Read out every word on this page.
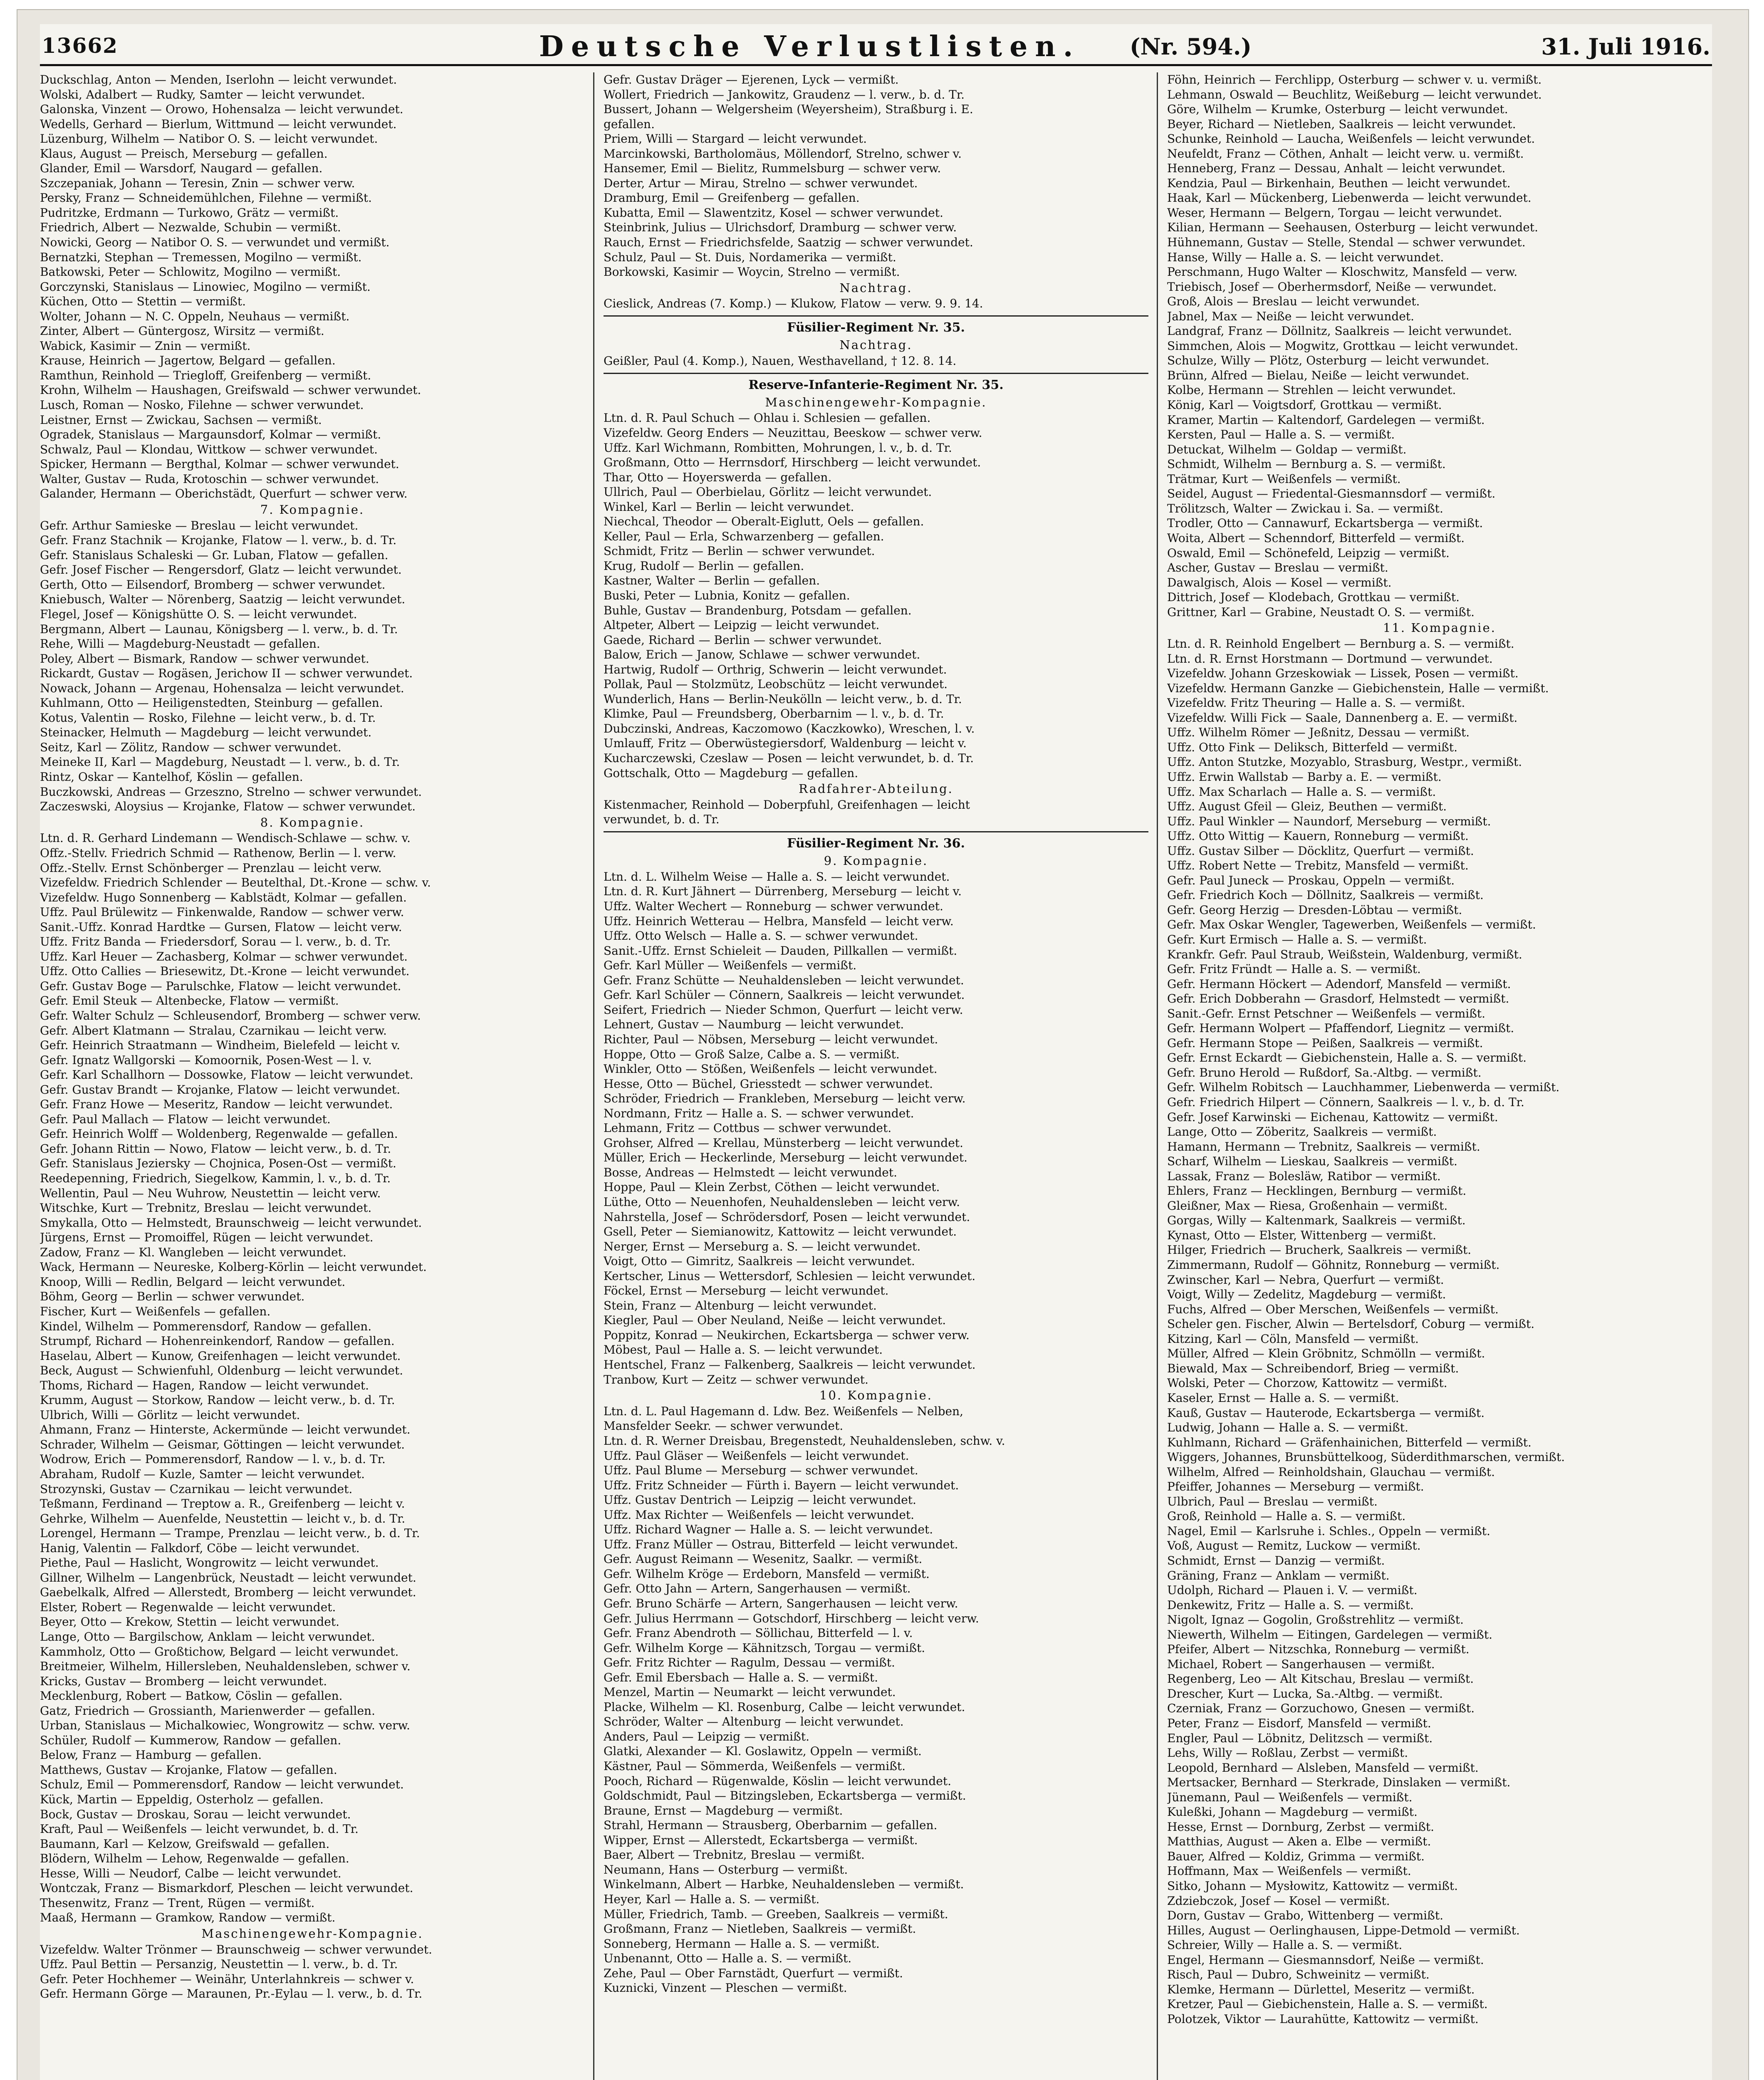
13662	Deutsche Verlustlisten. (Nr. 594.)	31. Juli 1916.
Duckschlag, Anton — Menden, Iserlohn — leicht verwundet.
Wolski, Adalbert — Rudky, Samter — leicht verwundet.
Galonska, Vinzent — Orowo, Hohensalza — leicht verwundet.
Wedells, Gerhard — Bierlum, Wittmund — leicht verwundet.
Lüzenburg, Wilhelm — Natibor O. S. — leicht verwundet.
Klaus, August — Preisch, Merseburg — gefallen.
Glander, Emil — Warsdorf, Naugard — gefallen.
Szczepaniak, Johann — Teresin, Znin — schwer verw.
Persky, Franz — Schneidemühlchen, Filehne — vermißt.
Pudritzke, Erdmann — Turkowo, Grätz — vermißt.
Friedrich, Albert — Nezwalde, Schubin — vermißt.
Nowicki, Georg — Natibor O. S. — verwundet und vermißt.
Bernatzki, Stephan — Tremessen, Mogilno — vermißt.
Batkowski, Peter — Schlowitz, Mogilno — vermißt.
Gorczynski, Stanislaus — Linowiec, Mogilno — vermißt.
Küchen, Otto — Stettin — vermißt.
Wolter, Johann — N. C. Oppeln, Neuhaus — vermißt.
Zinter, Albert — Güntergosz, Wirsitz — vermißt.
Wabick, Kasimir — Znin — vermißt.
Krause, Heinrich — Jagertow, Belgard — gefallen.
Ramthun, Reinhold — Triegloff, Greifenberg — vermißt.
Krohn, Wilhelm — Haushagen, Greifswald — schwer verwundet.
Lusch, Roman — Nosko, Filehne — schwer verwundet.
Leistner, Ernst — Zwickau, Sachsen — vermißt.
Ogradek, Stanislaus — Margaunsdorf, Kolmar — vermißt.
Schwalz, Paul — Klondau, Wittkow — schwer verwundet.
Spicker, Hermann — Bergthal, Kolmar — schwer verwundet.
Walter, Gustav — Ruda, Krotoschin — schwer verwundet.
Galander, Hermann — Oberichstädt, Querfurt — schwer verw.
7. Kompagnie.
Gefr. Arthur Samieske — Breslau — leicht verwundet.
Gefr. Franz Stachnik — Krojanke, Flatow — l. verw., b. d. Tr.
Gefr. Stanislaus Schaleski — Gr. Luban, Flatow — gefallen.
Gefr. Josef Fischer — Rengersdorf, Glatz — leicht verwundet.
Gerth, Otto — Eilsendorf, Bromberg — schwer verwundet.
Kniebusch, Walter — Nörenberg, Saatzig — leicht verwundet.
Flegel, Josef — Königshütte O. S. — leicht verwundet.
Bergmann, Albert — Launau, Königsberg — l. verw., b. d. Tr.
Rehe, Willi — Magdeburg-Neustadt — gefallen.
Poley, Albert — Bismark, Randow — schwer verwundet.
Rickardt, Gustav — Rogäsen, Jerichow II — schwer verwundet.
Nowack, Johann — Argenau, Hohensalza — leicht verwundet.
Kuhlmann, Otto — Heiligenstedten, Steinburg — gefallen.
Kotus, Valentin — Rosko, Filehne — leicht verw., b. d. Tr.
Steinacker, Helmuth — Magdeburg — leicht verwundet.
Seitz, Karl — Zölitz, Randow — schwer verwundet.
Meineke II, Karl — Magdeburg, Neustadt — l. verw., b. d. Tr.
Rintz, Oskar — Kantelhof, Köslin — gefallen.
Buczkowski, Andreas — Grzeszno, Strelno — schwer verwundet.
Zaczeswski, Aloysius — Krojanke, Flatow — schwer verwundet.
8. Kompagnie.
Ltn. d. R. Gerhard Lindemann — Wendisch-Schlawe — schw. v.
Offz.-Stellv. Friedrich Schmid — Rathenow, Berlin — l. verw.
Offz.-Stellv. Ernst Schönberger — Prenzlau — leicht verw.
Vizefeldw. Friedrich Schlender — Beutelthal, Dt.-Krone — schw. v.
Vizefeldw. Hugo Sonnenberg — Kablstädt, Kolmar — gefallen.
Uffz. Paul Brülewitz — Finkenwalde, Randow — schwer verw.
Sanit.-Uffz. Konrad Hardtke — Gursen, Flatow — leicht verw.
Uffz. Fritz Banda — Friedersdorf, Sorau — l. verw., b. d. Tr.
Uffz. Karl Heuer — Zachasberg, Kolmar — schwer verwundet.
Uffz. Otto Callies — Briesewitz, Dt.-Krone — leicht verwundet.
Gefr. Gustav Boge — Parulschke, Flatow — leicht verwundet.
Gefr. Emil Steuk — Altenbecke, Flatow — vermißt.
Gefr. Walter Schulz — Schleusendorf, Bromberg — schwer verw.
Gefr. Albert Klatmann — Stralau, Czarnikau — leicht verw.
Gefr. Heinrich Straatmann — Windheim, Bielefeld — leicht v.
Gefr. Ignatz Wallgorski — Komoornik, Posen-West — l. v.
Gefr. Karl Schallhorn — Dossowke, Flatow — leicht verwundet.
Gefr. Gustav Brandt — Krojanke, Flatow — leicht verwundet.
Gefr. Franz Howe — Meseritz, Randow — leicht verwundet.
Gefr. Paul Mallach — Flatow — leicht verwundet.
Gefr. Heinrich Wolff — Woldenberg, Regenwalde — gefallen.
Gefr. Johann Rittin — Nowo, Flatow — leicht verw., b. d. Tr.
Gefr. Stanislaus Jeziersky — Chojnica, Posen-Ost — vermißt.
Reedepenning, Friedrich, Siegelkow, Kammin, l. v., b. d. Tr.
Wellentin, Paul — Neu Wuhrow, Neustettin — leicht verw.
Witschke, Kurt — Trebnitz, Breslau — leicht verwundet.
Smykalla, Otto — Helmstedt, Braunschweig — leicht verwundet.
Jürgens, Ernst — Promoiffel, Rügen — leicht verwundet.
Zadow, Franz — Kl. Wangleben — leicht verwundet.
Wack, Hermann — Neureske, Kolberg-Körlin — leicht verwundet.
Knoop, Willi — Redlin, Belgard — leicht verwundet.
Böhm, Georg — Berlin — schwer verwundet.
Fischer, Kurt — Weißenfels — gefallen.
Kindel, Wilhelm — Pommerensdorf, Randow — gefallen.
Strumpf, Richard — Hohenreinkendorf, Randow — gefallen.
Haselau, Albert — Kunow, Greifenhagen — leicht verwundet.
Beck, August — Schwienfuhl, Oldenburg — leicht verwundet.
Thoms, Richard — Hagen, Randow — leicht verwundet.
Krumm, August — Storkow, Randow — leicht verw., b. d. Tr.
Ulbrich, Willi — Görlitz — leicht verwundet.
Ahmann, Franz — Hinterste, Ackermünde — leicht verwundet.
Schrader, Wilhelm — Geismar, Göttingen — leicht verwundet.
Wodrow, Erich — Pommerensdorf, Randow — l. v., b. d. Tr.
Abraham, Rudolf — Kuzle, Samter — leicht verwundet.
Strozynski, Gustav — Czarnikau — leicht verwundet.
Teßmann, Ferdinand — Treptow a. R., Greifenberg — leicht v.
Gehrke, Wilhelm — Auenfelde, Neustettin — leicht v., b. d. Tr.
Lorengel, Hermann — Trampe, Prenzlau — leicht verw., b. d. Tr.
Hanig, Valentin — Falkdorf, Cöbe — leicht verwundet.
Piethe, Paul — Haslicht, Wongrowitz — leicht verwundet.
Gillner, Wilhelm — Langenbrück, Neustadt — leicht verwundet.
Gaebelkalk, Alfred — Allerstedt, Bromberg — leicht verwundet.
Elster, Robert — Regenwalde — leicht verwundet.
Beyer, Otto — Krekow, Stettin — leicht verwundet.
Lange, Otto — Bargilschow, Anklam — leicht verwundet.
Kammholz, Otto — Großtichow, Belgard — leicht verwundet.
Breitmeier, Wilhelm, Hillersleben, Neuhaldensleben, schwer v.
Kricks, Gustav — Bromberg — leicht verwundet.
Mecklenburg, Robert — Batkow, Cöslin — gefallen.
Gatz, Friedrich — Grossianth, Marienwerder — gefallen.
Urban, Stanislaus — Michalkowiec, Wongrowitz — schw. verw.
Schüler, Rudolf — Kummerow, Randow — gefallen.
Below, Franz — Hamburg — gefallen.
Matthews, Gustav — Krojanke, Flatow — gefallen.
Schulz, Emil — Pommerensdorf, Randow — leicht verwundet.
Kück, Martin — Eppeldig, Osterholz — gefallen.
Bock, Gustav — Droskau, Sorau — leicht verwundet.
Kraft, Paul — Weißenfels — leicht verwundet, b. d. Tr.
Baumann, Karl — Kelzow, Greifswald — gefallen.
Blödern, Wilhelm — Lehow, Regenwalde — gefallen.
Hesse, Willi — Neudorf, Calbe — leicht verwundet.
Wontczak, Franz — Bismarkdorf, Pleschen — leicht verwundet.
Thesenwitz, Franz — Trent, Rügen — vermißt.
Maaß, Hermann — Gramkow, Randow — vermißt.
Maschinengewehr-Kompagnie.
Vizefeldw. Walter Trönmer — Braunschweig — schwer verwundet.
Uffz. Paul Bettin — Persanzig, Neustettin — l. verw., b. d. Tr.
Gefr. Peter Hochhemer — Weinähr, Unterlahnkreis — schwer v.
Gefr. Hermann Görge — Maraunen, Pr.-Eylau — l. verw., b. d. Tr.
Gefr. Gustav Dräger — Ejerenen, Lyck — vermißt.
Wollert, Friedrich — Jankowitz, Graudenz — l. verw., b. d. Tr.
Bussert, Johann — Welgersheim (Weyersheim), Straßburg i. E.
gefallen.
Priem, Willi — Stargard — leicht verwundet.
Marcinkowski, Bartholomäus, Möllendorf, Strelno, schwer v.
Hansemer, Emil — Bielitz, Rummelsburg — schwer verw.
Derter, Artur — Mirau, Strelno — schwer verwundet.
Dramburg, Emil — Greifenberg — gefallen.
Kubatta, Emil — Slawentzitz, Kosel — schwer verwundet.
Steinbrink, Julius — Ulrichsdorf, Dramburg — schwer verw.
Rauch, Ernst — Friedrichsfelde, Saatzig — schwer verwundet.
Schulz, Paul — St. Duis, Nordamerika — vermißt.
Borkowski, Kasimir — Woycin, Strelno — vermißt.
Nachtrag.
Cieslick, Andreas (7. Komp.) — Klukow, Flatow — verw. 9. 9. 14.
Füsilier-Regiment Nr. 35.
Nachtrag.
Geißler, Paul (4. Komp.), Nauen, Westhavelland, † 12. 8. 14.
Reserve-Infanterie-Regiment Nr. 35.
Maschinengewehr-Kompagnie.
Ltn. d. R. Paul Schuch — Ohlau i. Schlesien — gefallen.
Vizefeldw. Georg Enders — Neuzittau, Beeskow — schwer verw.
Uffz. Karl Wichmann, Rombitten, Mohrungen, l. v., b. d. Tr.
Großmann, Otto — Herrnsdorf, Hirschberg — leicht verwundet.
Thar, Otto — Hoyerswerda — gefallen.
Ullrich, Paul — Oberbielau, Görlitz — leicht verwundet.
Winkel, Karl — Berlin — leicht verwundet.
Niechcal, Theodor — Oberalt-Eiglutt, Oels — gefallen.
Keller, Paul — Erla, Schwarzenberg — gefallen.
Schmidt, Fritz — Berlin — schwer verwundet.
Krug, Rudolf — Berlin — gefallen.
Kastner, Walter — Berlin — gefallen.
Buski, Peter — Lubnia, Konitz — gefallen.
Buhle, Gustav — Brandenburg, Potsdam — gefallen.
Altpeter, Albert — Leipzig — leicht verwundet.
Gaede, Richard — Berlin — schwer verwundet.
Balow, Erich — Janow, Schlawe — schwer verwundet.
Hartwig, Rudolf — Orthrig, Schwerin — leicht verwundet.
Pollak, Paul — Stolzmütz, Leobschütz — leicht verwundet.
Wunderlich, Hans — Berlin-Neukölln — leicht verw., b. d. Tr.
Klimke, Paul — Freundsberg, Oberbarnim — l. v., b. d. Tr.
Dubczinski, Andreas, Kaczomowo (Kaczkowko), Wreschen, l. v.
Umlauff, Fritz — Oberwüstegiersdorf, Waldenburg — leicht v.
Kucharczewski, Czeslaw — Posen — leicht verwundet, b. d. Tr.
Gottschalk, Otto — Magdeburg — gefallen.
Radfahrer-Abteilung.
Kistenmacher, Reinhold — Doberpfuhl, Greifenhagen — leicht
verwundet, b. d. Tr.
Füsilier-Regiment Nr. 36.
9. Kompagnie.
Ltn. d. L. Wilhelm Weise — Halle a. S. — leicht verwundet.
Ltn. d. R. Kurt Jähnert — Dürrenberg, Merseburg — leicht v.
Uffz. Walter Wechert — Ronneburg — schwer verwundet.
Uffz. Heinrich Wetterau — Helbra, Mansfeld — leicht verw.
Uffz. Otto Welsch — Halle a. S. — schwer verwundet.
Sanit.-Uffz. Ernst Schieleit — Dauden, Pillkallen — vermißt.
Gefr. Karl Müller — Weißenfels — vermißt.
Gefr. Franz Schütte — Neuhaldensleben — leicht verwundet.
Gefr. Karl Schüler — Cönnern, Saalkreis — leicht verwundet.
Seifert, Friedrich — Nieder Schmon, Querfurt — leicht verw.
Lehnert, Gustav — Naumburg — leicht verwundet.
Richter, Paul — Nöbsen, Merseburg — leicht verwundet.
Hoppe, Otto — Groß Salze, Calbe a. S. — vermißt.
Winkler, Otto — Stößen, Weißenfels — leicht verwundet.
Hesse, Otto — Büchel, Griesstedt — schwer verwundet.
Schröder, Friedrich — Frankleben, Merseburg — leicht verw.
Nordmann, Fritz — Halle a. S. — schwer verwundet.
Lehmann, Fritz — Cottbus — schwer verwundet.
Grohser, Alfred — Krellau, Münsterberg — leicht verwundet.
Müller, Erich — Heckerlinde, Merseburg — leicht verwundet.
Bosse, Andreas — Helmstedt — leicht verwundet.
Hoppe, Paul — Klein Zerbst, Cöthen — leicht verwundet.
Lüthe, Otto — Neuenhofen, Neuhaldensleben — leicht verw.
Nahrstella, Josef — Schrödersdorf, Posen — leicht verwundet.
Gsell, Peter — Siemianowitz, Kattowitz — leicht verwundet.
Nerger, Ernst — Merseburg a. S. — leicht verwundet.
Voigt, Otto — Gimritz, Saalkreis — leicht verwundet.
Kertscher, Linus — Wettersdorf, Schlesien — leicht verwundet.
Föckel, Ernst — Merseburg — leicht verwundet.
Stein, Franz — Altenburg — leicht verwundet.
Kiegler, Paul — Ober Neuland, Neiße — leicht verwundet.
Poppitz, Konrad — Neukirchen, Eckartsberga — schwer verw.
Möbest, Paul — Halle a. S. — leicht verwundet.
Hentschel, Franz — Falkenberg, Saalkreis — leicht verwundet.
Tranbow, Kurt — Zeitz — schwer verwundet.
10. Kompagnie.
Ltn. d. L. Paul Hagemann d. Ldw. Bez. Weißenfels — Nelben,
Mansfelder Seekr. — schwer verwundet.
Ltn. d. R. Werner Dreisbau, Bregenstedt, Neuhaldensleben, schw. v.
Uffz. Paul Gläser — Weißenfels — leicht verwundet.
Uffz. Paul Blume — Merseburg — schwer verwundet.
Uffz. Fritz Schneider — Fürth i. Bayern — leicht verwundet.
Uffz. Gustav Dentrich — Leipzig — leicht verwundet.
Uffz. Max Richter — Weißenfels — leicht verwundet.
Uffz. Richard Wagner — Halle a. S. — leicht verwundet.
Uffz. Franz Müller — Ostrau, Bitterfeld — leicht verwundet.
Gefr. August Reimann — Wesenitz, Saalkr. — vermißt.
Gefr. Wilhelm Kröge — Erdeborn, Mansfeld — vermißt.
Gefr. Otto Jahn — Artern, Sangerhausen — vermißt.
Gefr. Bruno Schärfe — Artern, Sangerhausen — leicht verw.
Gefr. Julius Herrmann — Gotschdorf, Hirschberg — leicht verw.
Gefr. Franz Abendroth — Söllichau, Bitterfeld — l. v.
Gefr. Wilhelm Korge — Kähnitzsch, Torgau — vermißt.
Gefr. Fritz Richter — Ragulm, Dessau — vermißt.
Gefr. Emil Ebersbach — Halle a. S. — vermißt.
Menzel, Martin — Neumarkt — leicht verwundet.
Placke, Wilhelm — Kl. Rosenburg, Calbe — leicht verwundet.
Schröder, Walter — Altenburg — leicht verwundet.
Anders, Paul — Leipzig — vermißt.
Glatki, Alexander — Kl. Goslawitz, Oppeln — vermißt.
Kästner, Paul — Sömmerda, Weißenfels — vermißt.
Pooch, Richard — Rügenwalde, Köslin — leicht verwundet.
Goldschmidt, Paul — Bitzingsleben, Eckartsberga — vermißt.
Braune, Ernst — Magdeburg — vermißt.
Strahl, Hermann — Strausberg, Oberbarnim — gefallen.
Wipper, Ernst — Allerstedt, Eckartsberga — vermißt.
Baer, Albert — Trebnitz, Breslau — vermißt.
Neumann, Hans — Osterburg — vermißt.
Winkelmann, Albert — Harbke, Neuhaldensleben — vermißt.
Heyer, Karl — Halle a. S. — vermißt.
Müller, Friedrich, Tamb. — Greeben, Saalkreis — vermißt.
Großmann, Franz — Nietleben, Saalkreis — vermißt.
Sonneberg, Hermann — Halle a. S. — vermißt.
Unbenannt, Otto — Halle a. S. — vermißt.
Zehe, Paul — Ober Farnstädt, Querfurt — vermißt.
Kuznicki, Vinzent — Pleschen — vermißt.
Föhn, Heinrich — Ferchlipp, Osterburg — schwer v. u. vermißt.
Lehmann, Oswald — Beuchlitz, Weißeburg — leicht verwundet.
Göre, Wilhelm — Krumke, Osterburg — leicht verwundet.
Beyer, Richard — Nietleben, Saalkreis — leicht verwundet.
Schunke, Reinhold — Laucha, Weißenfels — leicht verwundet.
Neufeldt, Franz — Cöthen, Anhalt — leicht verw. u. vermißt.
Henneberg, Franz — Dessau, Anhalt — leicht verwundet.
Kendzia, Paul — Birkenhain, Beuthen — leicht verwundet.
Haak, Karl — Mückenberg, Liebenwerda — leicht verwundet.
Weser, Hermann — Belgern, Torgau — leicht verwundet.
Kilian, Hermann — Seehausen, Osterburg — leicht verwundet.
Hühnemann, Gustav — Stelle, Stendal — schwer verwundet.
Hanse, Willy — Halle a. S. — leicht verwundet.
Perschmann, Hugo Walter — Kloschwitz, Mansfeld — verw.
Triebisch, Josef — Oberhermsdorf, Neiße — verwundet.
Groß, Alois — Breslau — leicht verwundet.
Jabnel, Max — Neiße — leicht verwundet.
Landgraf, Franz — Döllnitz, Saalkreis — leicht verwundet.
Simmchen, Alois — Mogwitz, Grottkau — leicht verwundet.
Schulze, Willy — Plötz, Osterburg — leicht verwundet.
Brünn, Alfred — Bielau, Neiße — leicht verwundet.
Kolbe, Hermann — Strehlen — leicht verwundet.
König, Karl — Voigtsdorf, Grottkau — vermißt.
Kramer, Martin — Kaltendorf, Gardelegen — vermißt.
Kersten, Paul — Halle a. S. — vermißt.
Detuckat, Wilhelm — Goldap — vermißt.
Schmidt, Wilhelm — Bernburg a. S. — vermißt.
Trätmar, Kurt — Weißenfels — vermißt.
Seidel, August — Friedental-Giesmannsdorf — vermißt.
Trölitzsch, Walter — Zwickau i. Sa. — vermißt.
Trodler, Otto — Cannawurf, Eckartsberga — vermißt.
Woita, Albert — Schenndorf, Bitterfeld — vermißt.
Oswald, Emil — Schönefeld, Leipzig — vermißt.
Ascher, Gustav — Breslau — vermißt.
Dawalgisch, Alois — Kosel — vermißt.
Dittrich, Josef — Klodebach, Grottkau — vermißt.
Grittner, Karl — Grabine, Neustadt O. S. — vermißt.
11. Kompagnie.
Ltn. d. R. Reinhold Engelbert — Bernburg a. S. — vermißt.
Ltn. d. R. Ernst Horstmann — Dortmund — verwundet.
Vizefeldw. Johann Grzeskowiak — Lissek, Posen — vermißt.
Vizefeldw. Hermann Ganzke — Giebichenstein, Halle — vermißt.
Vizefeldw. Fritz Theuring — Halle a. S. — vermißt.
Vizefeldw. Willi Fick — Saale, Dannenberg a. E. — vermißt.
Uffz. Wilhelm Römer — Jeßnitz, Dessau — vermißt.
Uffz. Otto Fink — Deliksch, Bitterfeld — vermißt.
Uffz. Anton Stutzke, Mozyablo, Strasburg, Westpr., vermißt.
Uffz. Erwin Wallstab — Barby a. E. — vermißt.
Uffz. Max Scharlach — Halle a. S. — vermißt.
Uffz. August Gfeil — Gleiz, Beuthen — vermißt.
Uffz. Paul Winkler — Naundorf, Merseburg — vermißt.
Uffz. Otto Wittig — Kauern, Ronneburg — vermißt.
Uffz. Gustav Silber — Döcklitz, Querfurt — vermißt.
Uffz. Robert Nette — Trebitz, Mansfeld — vermißt.
Gefr. Paul Juneck — Proskau, Oppeln — vermißt.
Gefr. Friedrich Koch — Döllnitz, Saalkreis — vermißt.
Gefr. Georg Herzig — Dresden-Löbtau — vermißt.
Gefr. Max Oskar Wengler, Tagewerben, Weißenfels — vermißt.
Gefr. Kurt Ermisch — Halle a. S. — vermißt.
Krankfr. Gefr. Paul Straub, Weißstein, Waldenburg, vermißt.
Gefr. Fritz Fründt — Halle a. S. — vermißt.
Gefr. Hermann Höckert — Adendorf, Mansfeld — vermißt.
Gefr. Erich Dobberahn — Grasdorf, Helmstedt — vermißt.
Sanit.-Gefr. Ernst Petschner — Weißenfels — vermißt.
Gefr. Hermann Wolpert — Pfaffendorf, Liegnitz — vermißt.
Gefr. Hermann Stope — Peißen, Saalkreis — vermißt.
Gefr. Ernst Eckardt — Giebichenstein, Halle a. S. — vermißt.
Gefr. Bruno Herold — Rußdorf, Sa.-Altbg. — vermißt.
Gefr. Wilhelm Robitsch — Lauchhammer, Liebenwerda — vermißt.
Gefr. Friedrich Hilpert — Cönnern, Saalkreis — l. v., b. d. Tr.
Gefr. Josef Karwinski — Eichenau, Kattowitz — vermißt.
Lange, Otto — Zöberitz, Saalkreis — vermißt.
Hamann, Hermann — Trebnitz, Saalkreis — vermißt.
Scharf, Wilhelm — Lieskau, Saalkreis — vermißt.
Lassak, Franz — Bolesläw, Ratibor — vermißt.
Ehlers, Franz — Hecklingen, Bernburg — vermißt.
Gleißner, Max — Riesa, Großenhain — vermißt.
Gorgas, Willy — Kaltenmark, Saalkreis — vermißt.
Kynast, Otto — Elster, Wittenberg — vermißt.
Hilger, Friedrich — Brucherk, Saalkreis — vermißt.
Zimmermann, Rudolf — Göhnitz, Ronneburg — vermißt.
Zwinscher, Karl — Nebra, Querfurt — vermißt.
Voigt, Willy — Zedelitz, Magdeburg — vermißt.
Fuchs, Alfred — Ober Merschen, Weißenfels — vermißt.
Scheler gen. Fischer, Alwin — Bertelsdorf, Coburg — vermißt.
Kitzing, Karl — Cöln, Mansfeld — vermißt.
Müller, Alfred — Klein Gröbnitz, Schmölln — vermißt.
Biewald, Max — Schreibendorf, Brieg — vermißt.
Wolski, Peter — Chorzow, Kattowitz — vermißt.
Kaseler, Ernst — Halle a. S. — vermißt.
Kauß, Gustav — Hauterode, Eckartsberga — vermißt.
Ludwig, Johann — Halle a. S. — vermißt.
Kuhlmann, Richard — Gräfenhainichen, Bitterfeld — vermißt.
Wiggers, Johannes, Brunsbüttelkoog, Süderdithmarschen, vermißt.
Wilhelm, Alfred — Reinholdshain, Glauchau — vermißt.
Pfeiffer, Johannes — Merseburg — vermißt.
Ulbrich, Paul — Breslau — vermißt.
Groß, Reinhold — Halle a. S. — vermißt.
Nagel, Emil — Karlsruhe i. Schles., Oppeln — vermißt.
Voß, August — Remitz, Luckow — vermißt.
Schmidt, Ernst — Danzig — vermißt.
Gräning, Franz — Anklam — vermißt.
Udolph, Richard — Plauen i. V. — vermißt.
Denkewitz, Fritz — Halle a. S. — vermißt.
Nigolt, Ignaz — Gogolin, Großstrehlitz — vermißt.
Niewerth, Wilhelm — Eitingen, Gardelegen — vermißt.
Pfeifer, Albert — Nitzschka, Ronneburg — vermißt.
Michael, Robert — Sangerhausen — vermißt.
Regenberg, Leo — Alt Kitschau, Breslau — vermißt.
Drescher, Kurt — Lucka, Sa.-Altbg. — vermißt.
Czerniak, Franz — Gorzuchowo, Gnesen — vermißt.
Peter, Franz — Eisdorf, Mansfeld — vermißt.
Engler, Paul — Löbnitz, Delitzsch — vermißt.
Lehs, Willy — Roßlau, Zerbst — vermißt.
Leopold, Bernhard — Alsleben, Mansfeld — vermißt.
Mertsacker, Bernhard — Sterkrade, Dinslaken — vermißt.
Jünemann, Paul — Weißenfels — vermißt.
Kuleßki, Johann — Magdeburg — vermißt.
Hesse, Ernst — Dornburg, Zerbst — vermißt.
Matthias, August — Aken a. Elbe — vermißt.
Bauer, Alfred — Koldiz, Grimma — vermißt.
Hoffmann, Max — Weißenfels — vermißt.
Sitko, Johann — Mysłowitz, Kattowitz — vermißt.
Zdziebczok, Josef — Kosel — vermißt.
Dorn, Gustav — Grabo, Wittenberg — vermißt.
Hilles, August — Oerlinghausen, Lippe-Detmold — vermißt.
Schreier, Willy — Halle a. S. — vermißt.
Engel, Hermann — Giesmannsdorf, Neiße — vermißt.
Risch, Paul — Dubro, Schweinitz — vermißt.
Klemke, Hermann — Dürlettel, Meseritz — vermißt.
Kretzer, Paul — Giebichenstein, Halle a. S. — vermißt.
Polotzek, Viktor — Laurahütte, Kattowitz — vermißt.
